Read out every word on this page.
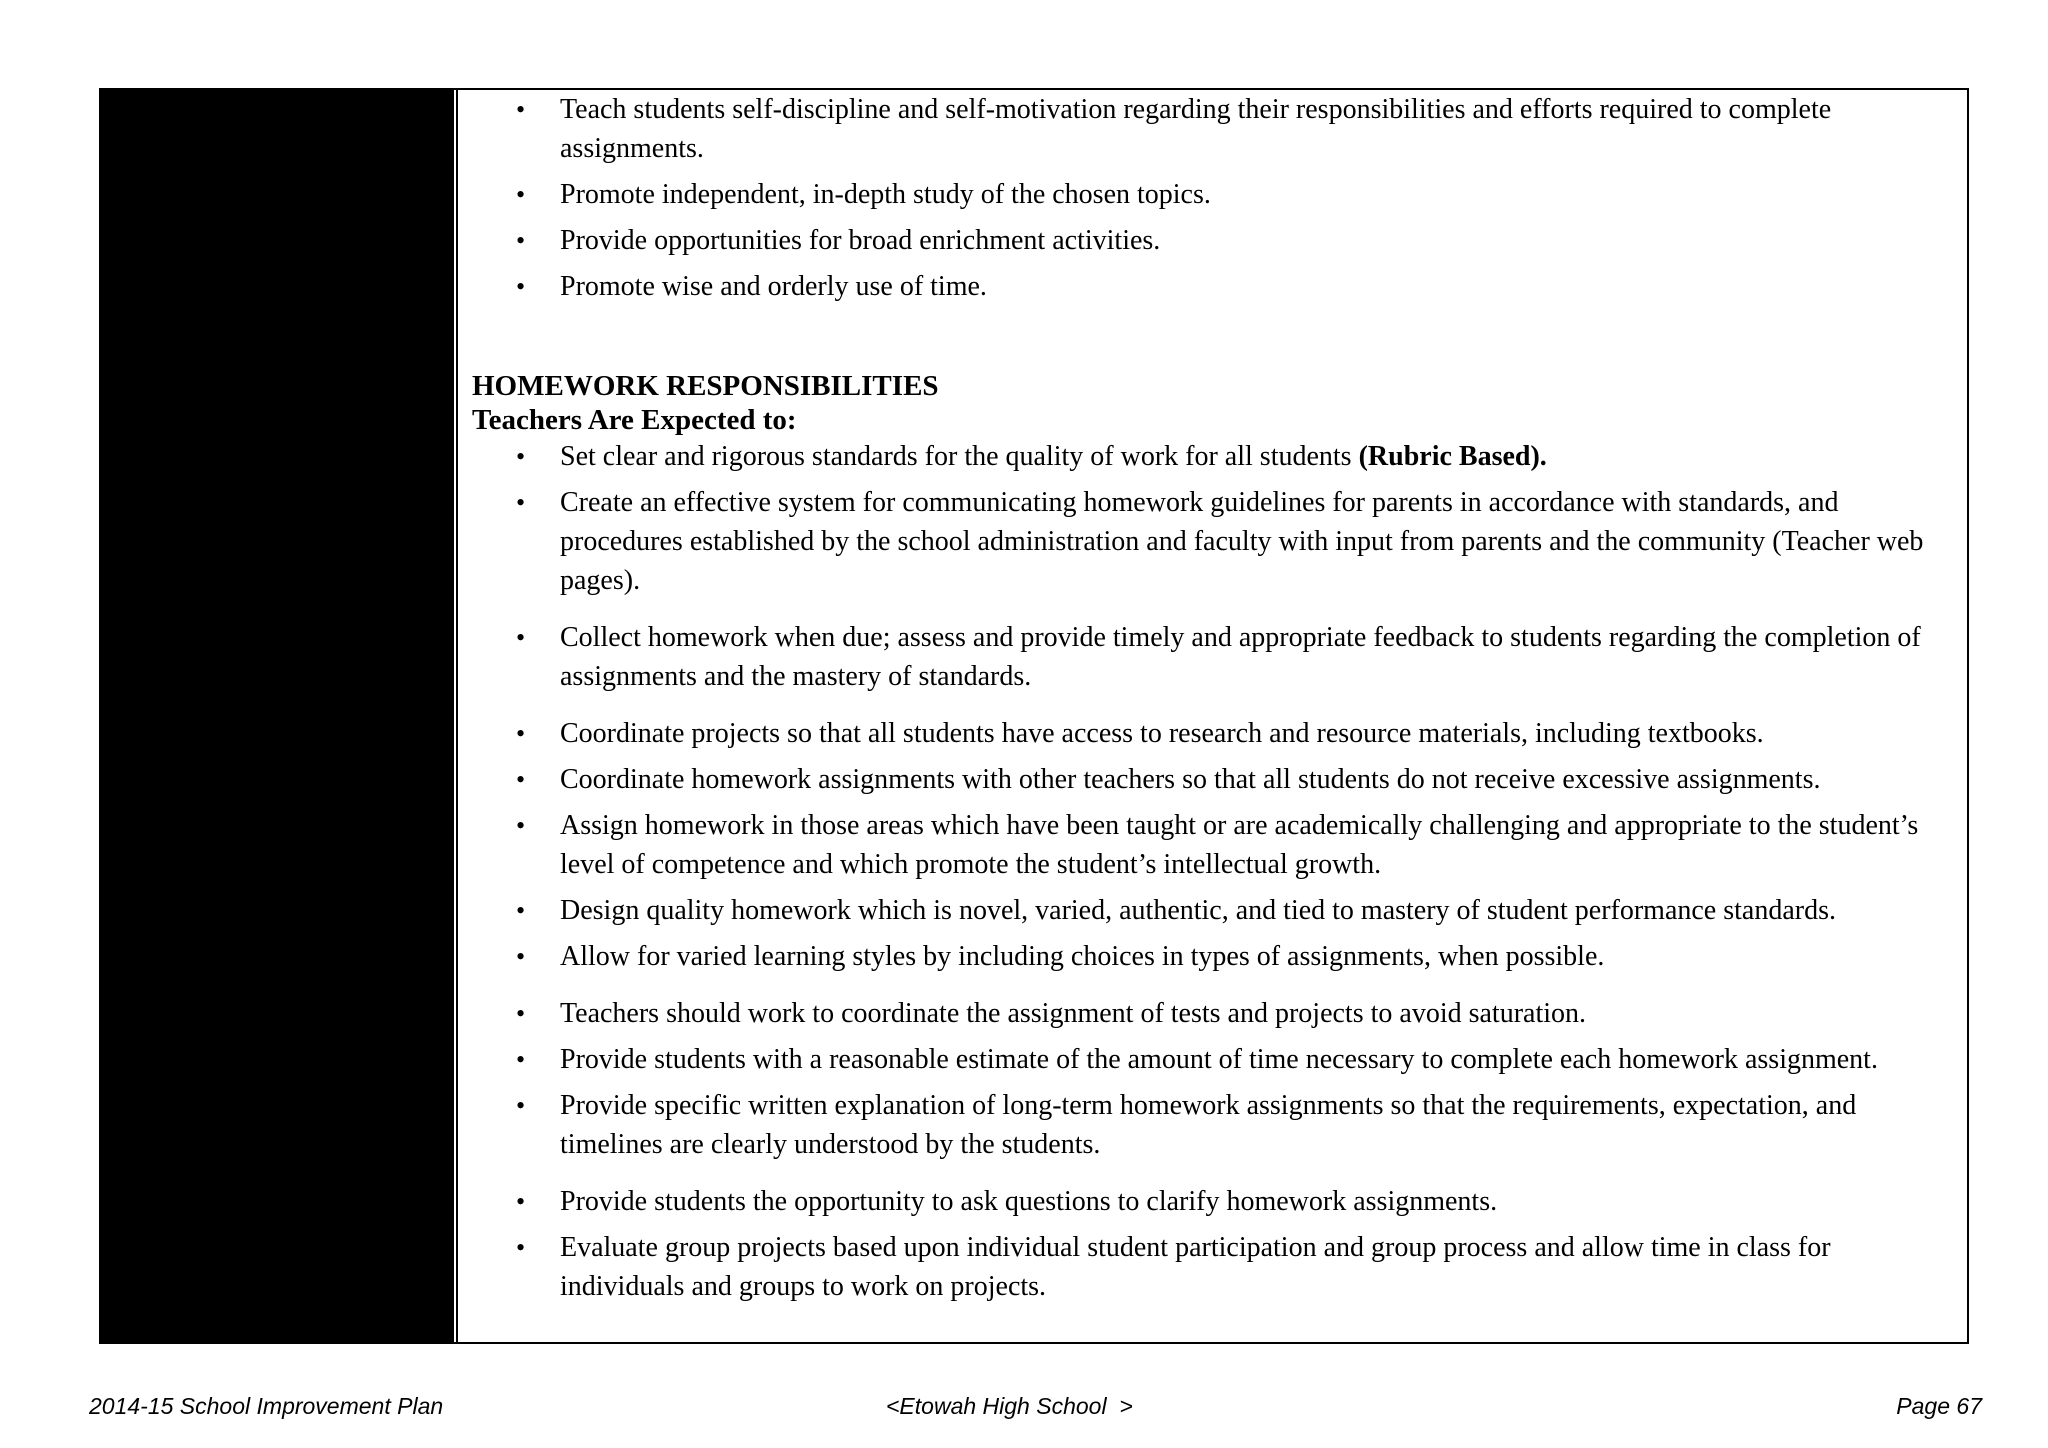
• Teach students self-discipline and self-motivation regarding their responsibilities and efforts required to complete assignments.
• Promote independent, in-depth study of the chosen topics.
• Provide opportunities for broad enrichment activities.
• Promote wise and orderly use of time.
HOMEWORK RESPONSIBILITIES
Teachers Are Expected to:
• Set clear and rigorous standards for the quality of work for all students (Rubric Based).
• Create an effective system for communicating homework guidelines for parents in accordance with standards, and procedures established by the school administration and faculty with input from parents and the community (Teacher web pages).
• Collect homework when due; assess and provide timely and appropriate feedback to students regarding the completion of assignments and the mastery of standards.
• Coordinate projects so that all students have access to research and resource materials, including textbooks.
• Coordinate homework assignments with other teachers so that all students do not receive excessive assignments.
• Assign homework in those areas which have been taught or are academically challenging and appropriate to the student’s level of competence and which promote the student’s intellectual growth.
• Design quality homework which is novel, varied, authentic, and tied to mastery of student performance standards.
• Allow for varied learning styles by including choices in types of assignments, when possible.
• Teachers should work to coordinate the assignment of tests and projects to avoid saturation.
• Provide students with a reasonable estimate of the amount of time necessary to complete each homework assignment.
• Provide specific written explanation of long-term homework assignments so that the requirements, expectation, and timelines are clearly understood by the students.
• Provide students the opportunity to ask questions to clarify homework assignments.
• Evaluate group projects based upon individual student participation and group process and allow time in class for individuals and groups to work on projects.
2014-15 School Improvement Plan	<Etowah High School  >	Page 67
